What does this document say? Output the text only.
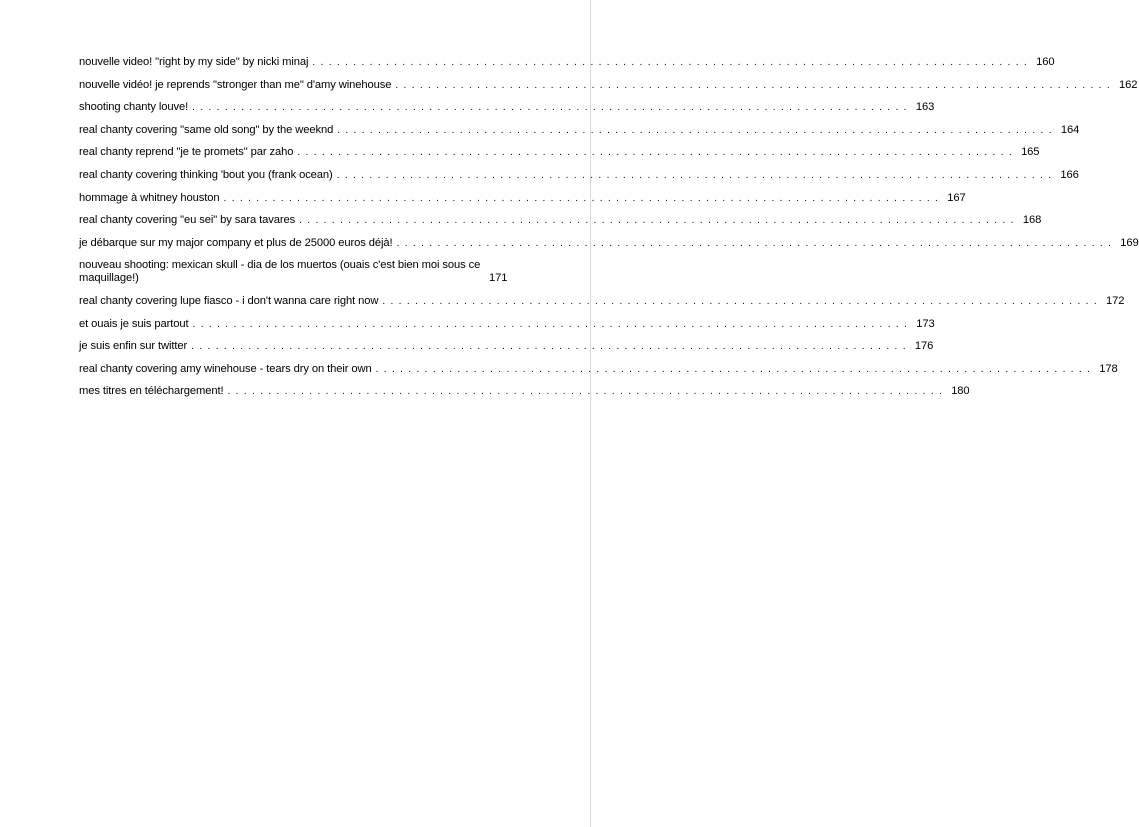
nouvelle video! "right by my side" by nicki minaj ........................................................................................ 160
nouvelle vidéo! je reprends "stronger than me" d'amy winehouse ........................................................................................ 162
shooting chanty louve! ........................................................................................ 163
real chanty covering "same old song" by the weeknd ........................................................................................ 164
real chanty reprend "je te promets" par zaho ........................................................................................ 165
real chanty covering thinking 'bout you (frank ocean) ........................................................................................ 166
hommage à whitney houston ........................................................................................ 167
real chanty covering "eu sei" by sara tavares ........................................................................................ 168
je débarque sur my major company et plus de 25000 euros déjà! ........................................................................................ 169
nouveau shooting: mexican skull - dia de los muertos (ouais c'est bien moi sous ce maquillage!)	171
real chanty covering lupe fiasco - i don't wanna care right now ........................................................................................ 172
et ouais je suis partout ........................................................................................ 173
je suis enfin sur twitter ........................................................................................ 176
real chanty covering amy winehouse - tears dry on their own ........................................................................................ 178
mes titres en téléchargement! ........................................................................................ 180
